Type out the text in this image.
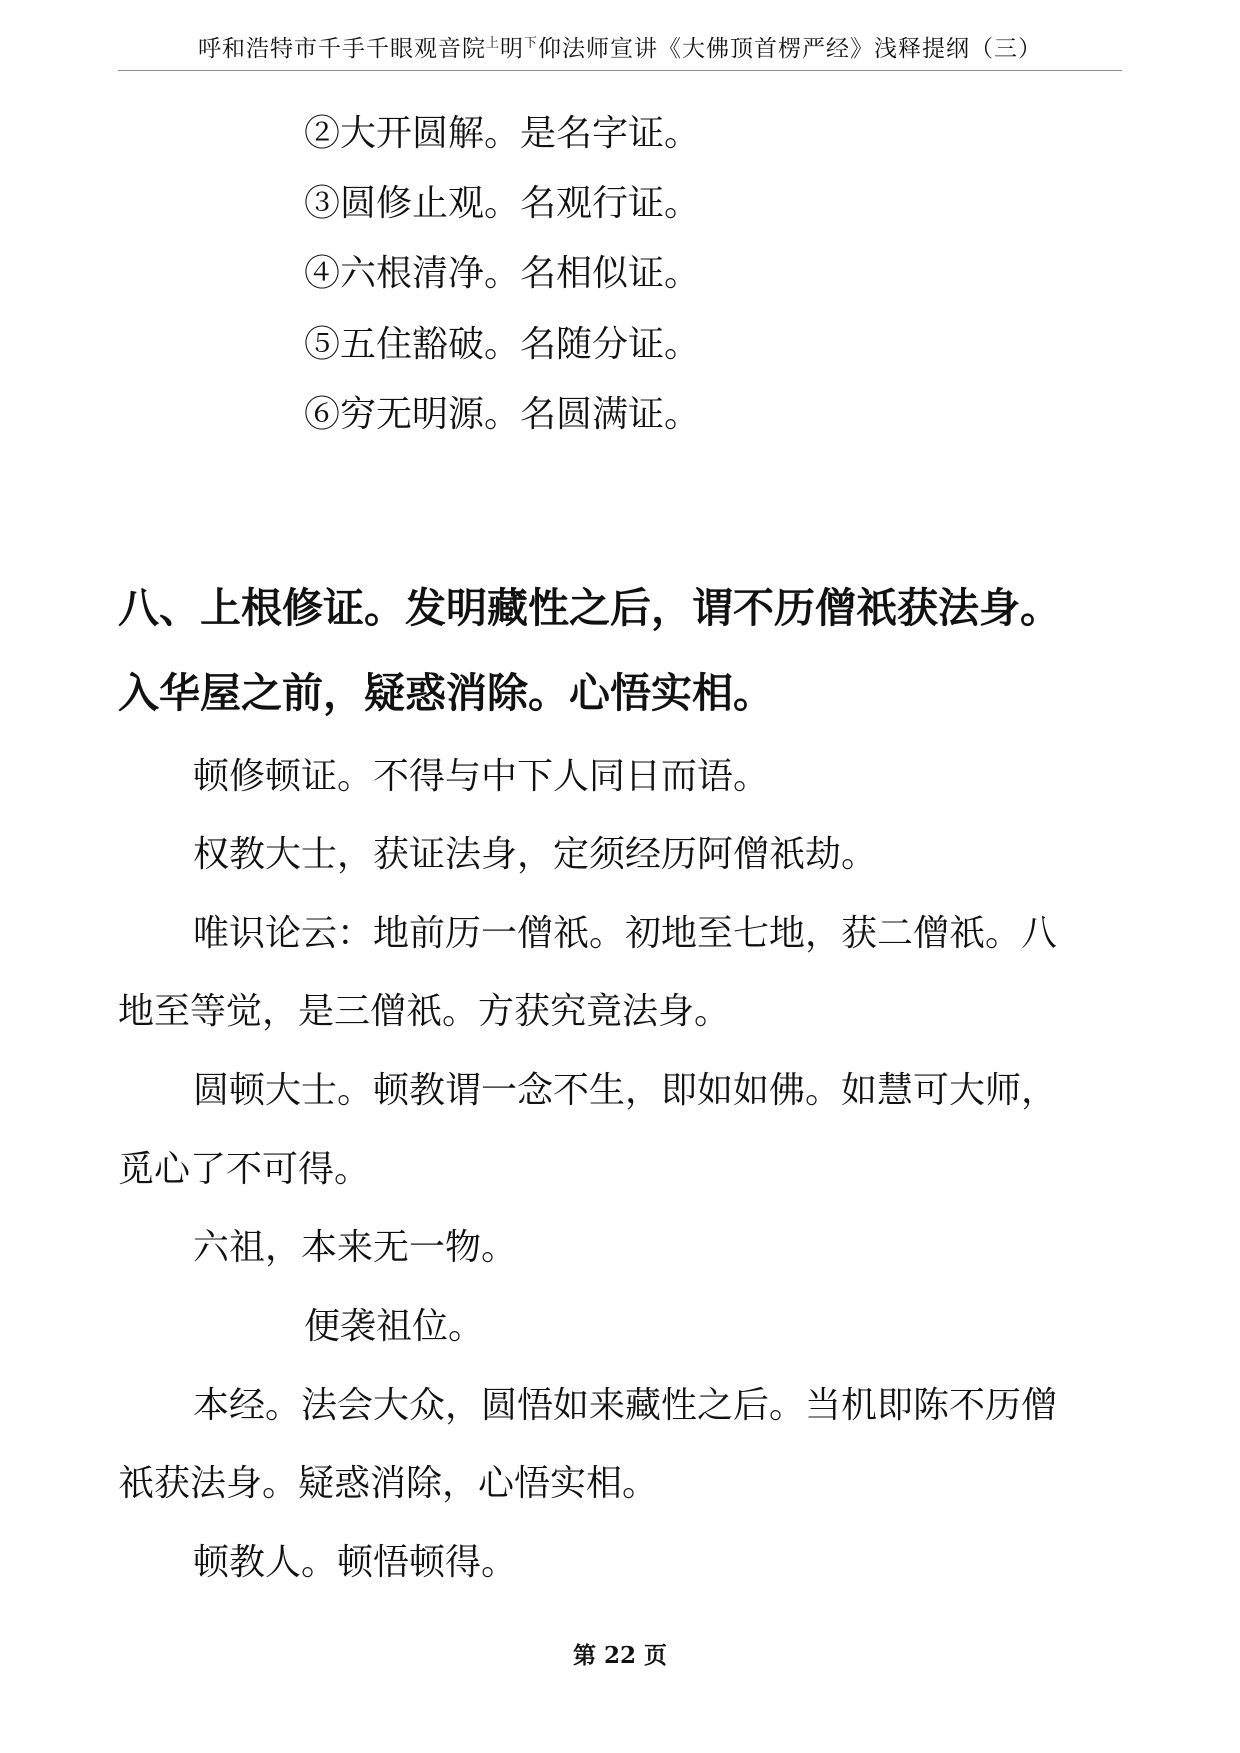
呼和浩特市千手千眼观音院$^上$明$^下$仰法师宣讲《大佛顶首楞严经》浅释提纲（三）
②大开圆解。是名字证。
③圆修止观。名观行证。
④六根清净。名相似证。
⑤五住豁破。名随分证。
⑥穷无明源。名圆满证。
八、上根修证。发明藏性之后，谓不历僧祇获法身。
入华屋之前，疑惑消除。心悟实相。
顿修顿证。不得与中下人同日而语。
权教大士，获证法身，定须经历阿僧祇劫。
唯识论云：地前历一僧祇。初地至七地，获二僧祇。八
地至等觉，是三僧祇。方获究竟法身。
圆顿大士。顿教谓一念不生，即如如佛。如慧可大师，
觅心了不可得。
六祖，本来无一物。
便袭祖位。
本经。法会大众，圆悟如来藏性之后。当机即陈不历僧
祇获法身。疑惑消除，心悟实相。
顿教人。顿悟顿得。
第 22 页
